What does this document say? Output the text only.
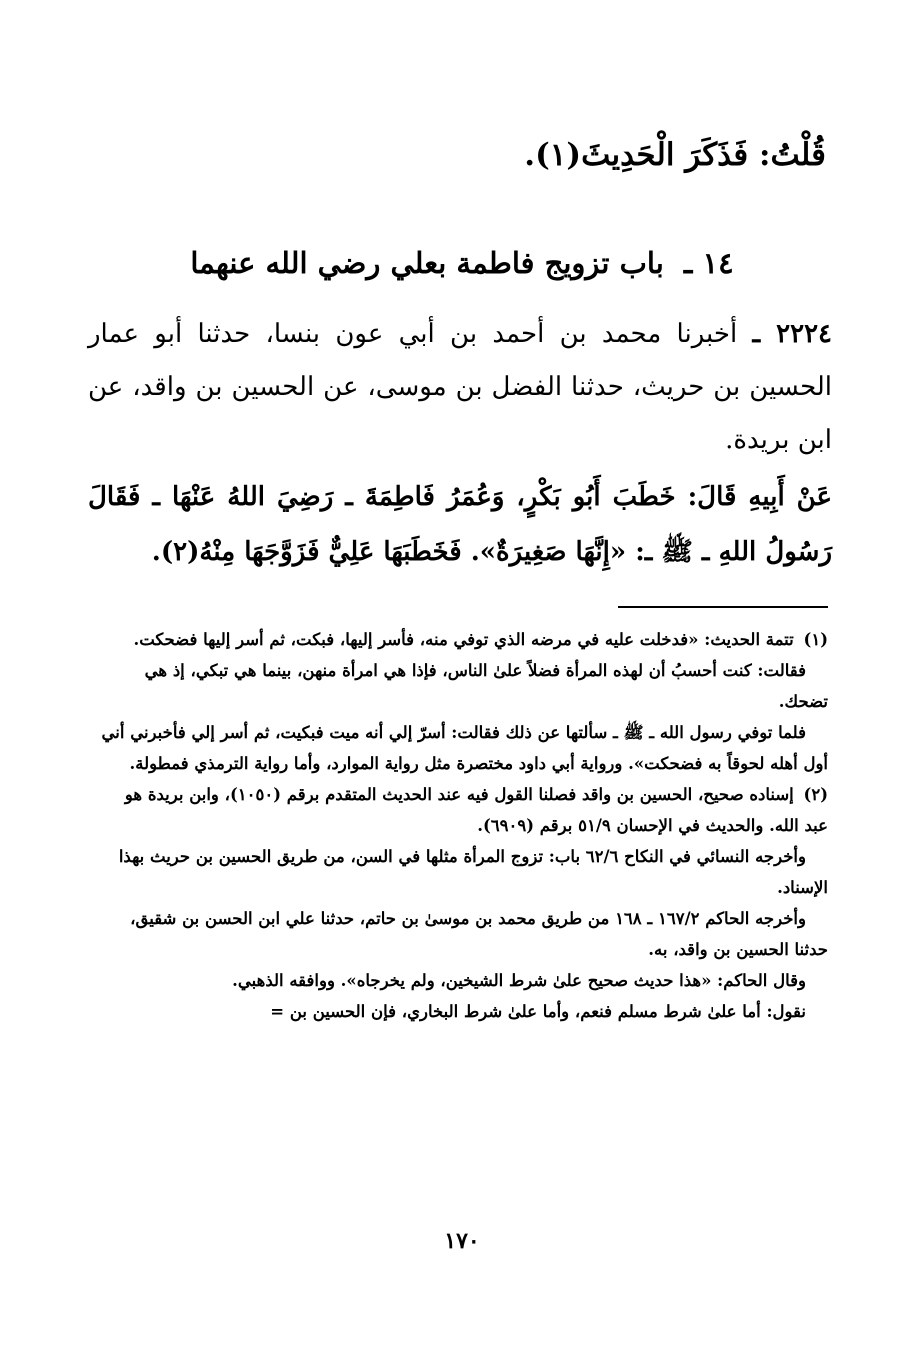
قُلْتُ: فَذَكَرَ الْحَدِيثَ(١).
١٤ ـ باب تزويج فاطمة بعلي رضي الله عنهما
٢٢٢٤ ـ أخبرنا محمد بن أحمد بن أبي عون بنسا، حدثنا أبو عمار الحسين بن حريث، حدثنا الفضل بن موسى، عن الحسين بن واقد، عن ابن بريدة.
عَنْ أَبِيهِ قَالَ: خَطَبَ أَبُو بَكْرٍ، وَعُمَرُ فَاطِمَةَ ـ رَضِيَ اللهُ عَنْهَا ـ فَقَالَ رَسُولُ اللهِ ـ ﷺ ـ: «إِنَّهَا صَغِيرَةٌ». فَخَطَبَهَا عَلِيٌّ فَزَوَّجَهَا مِنْهُ(٢).

(١) تتمة الحديث: «فدخلت عليه في مرضه الذي توفي منه، فأسر إليها، فبكت، ثم أسر إليها فضحكت.

فقالت: كنت أحسبُ أن لهذه المرأة فضلاً علىٰ الناس، فإذا هي امرأة منهن، بينما هي تبكي، إذ هي تضحك.

فلما توفي رسول الله ـ ﷺ ـ سألتها عن ذلك فقالت: أسرّ إلي أنه ميت فبكيت، ثم أسر إلي فأخبرني أني أول أهله لحوقاً به فضحكت». ورواية أبي داود مختصرة مثل رواية الموارد، وأما رواية الترمذي فمطولة.

(٢) إسناده صحيح، الحسين بن واقد فصلنا القول فيه عند الحديث المتقدم برقم (١٠٥٠)، وابن بريدة هو عبد الله. والحديث في الإحسان ٥١/٩ برقم (٦٩٠٩).

وأخرجه النسائي في النكاح ٦٢/٦ باب: تزوج المرأة مثلها في السن، من طريق الحسين بن حريث بهذا الإسناد.

وأخرجه الحاكم ١٦٧/٢ ـ ١٦٨ من طريق محمد بن موسىٰ بن حاتم، حدثنا علي ابن الحسن بن شقيق، حدثنا الحسين بن واقد، به.

وقال الحاكم: «هذا حديث صحيح علىٰ شرط الشيخين، ولم يخرجاه». ووافقه الذهبي.

نقول: أما علىٰ شرط مسلم فنعم، وأما علىٰ شرط البخاري، فإن الحسين بن =

١٧٠
